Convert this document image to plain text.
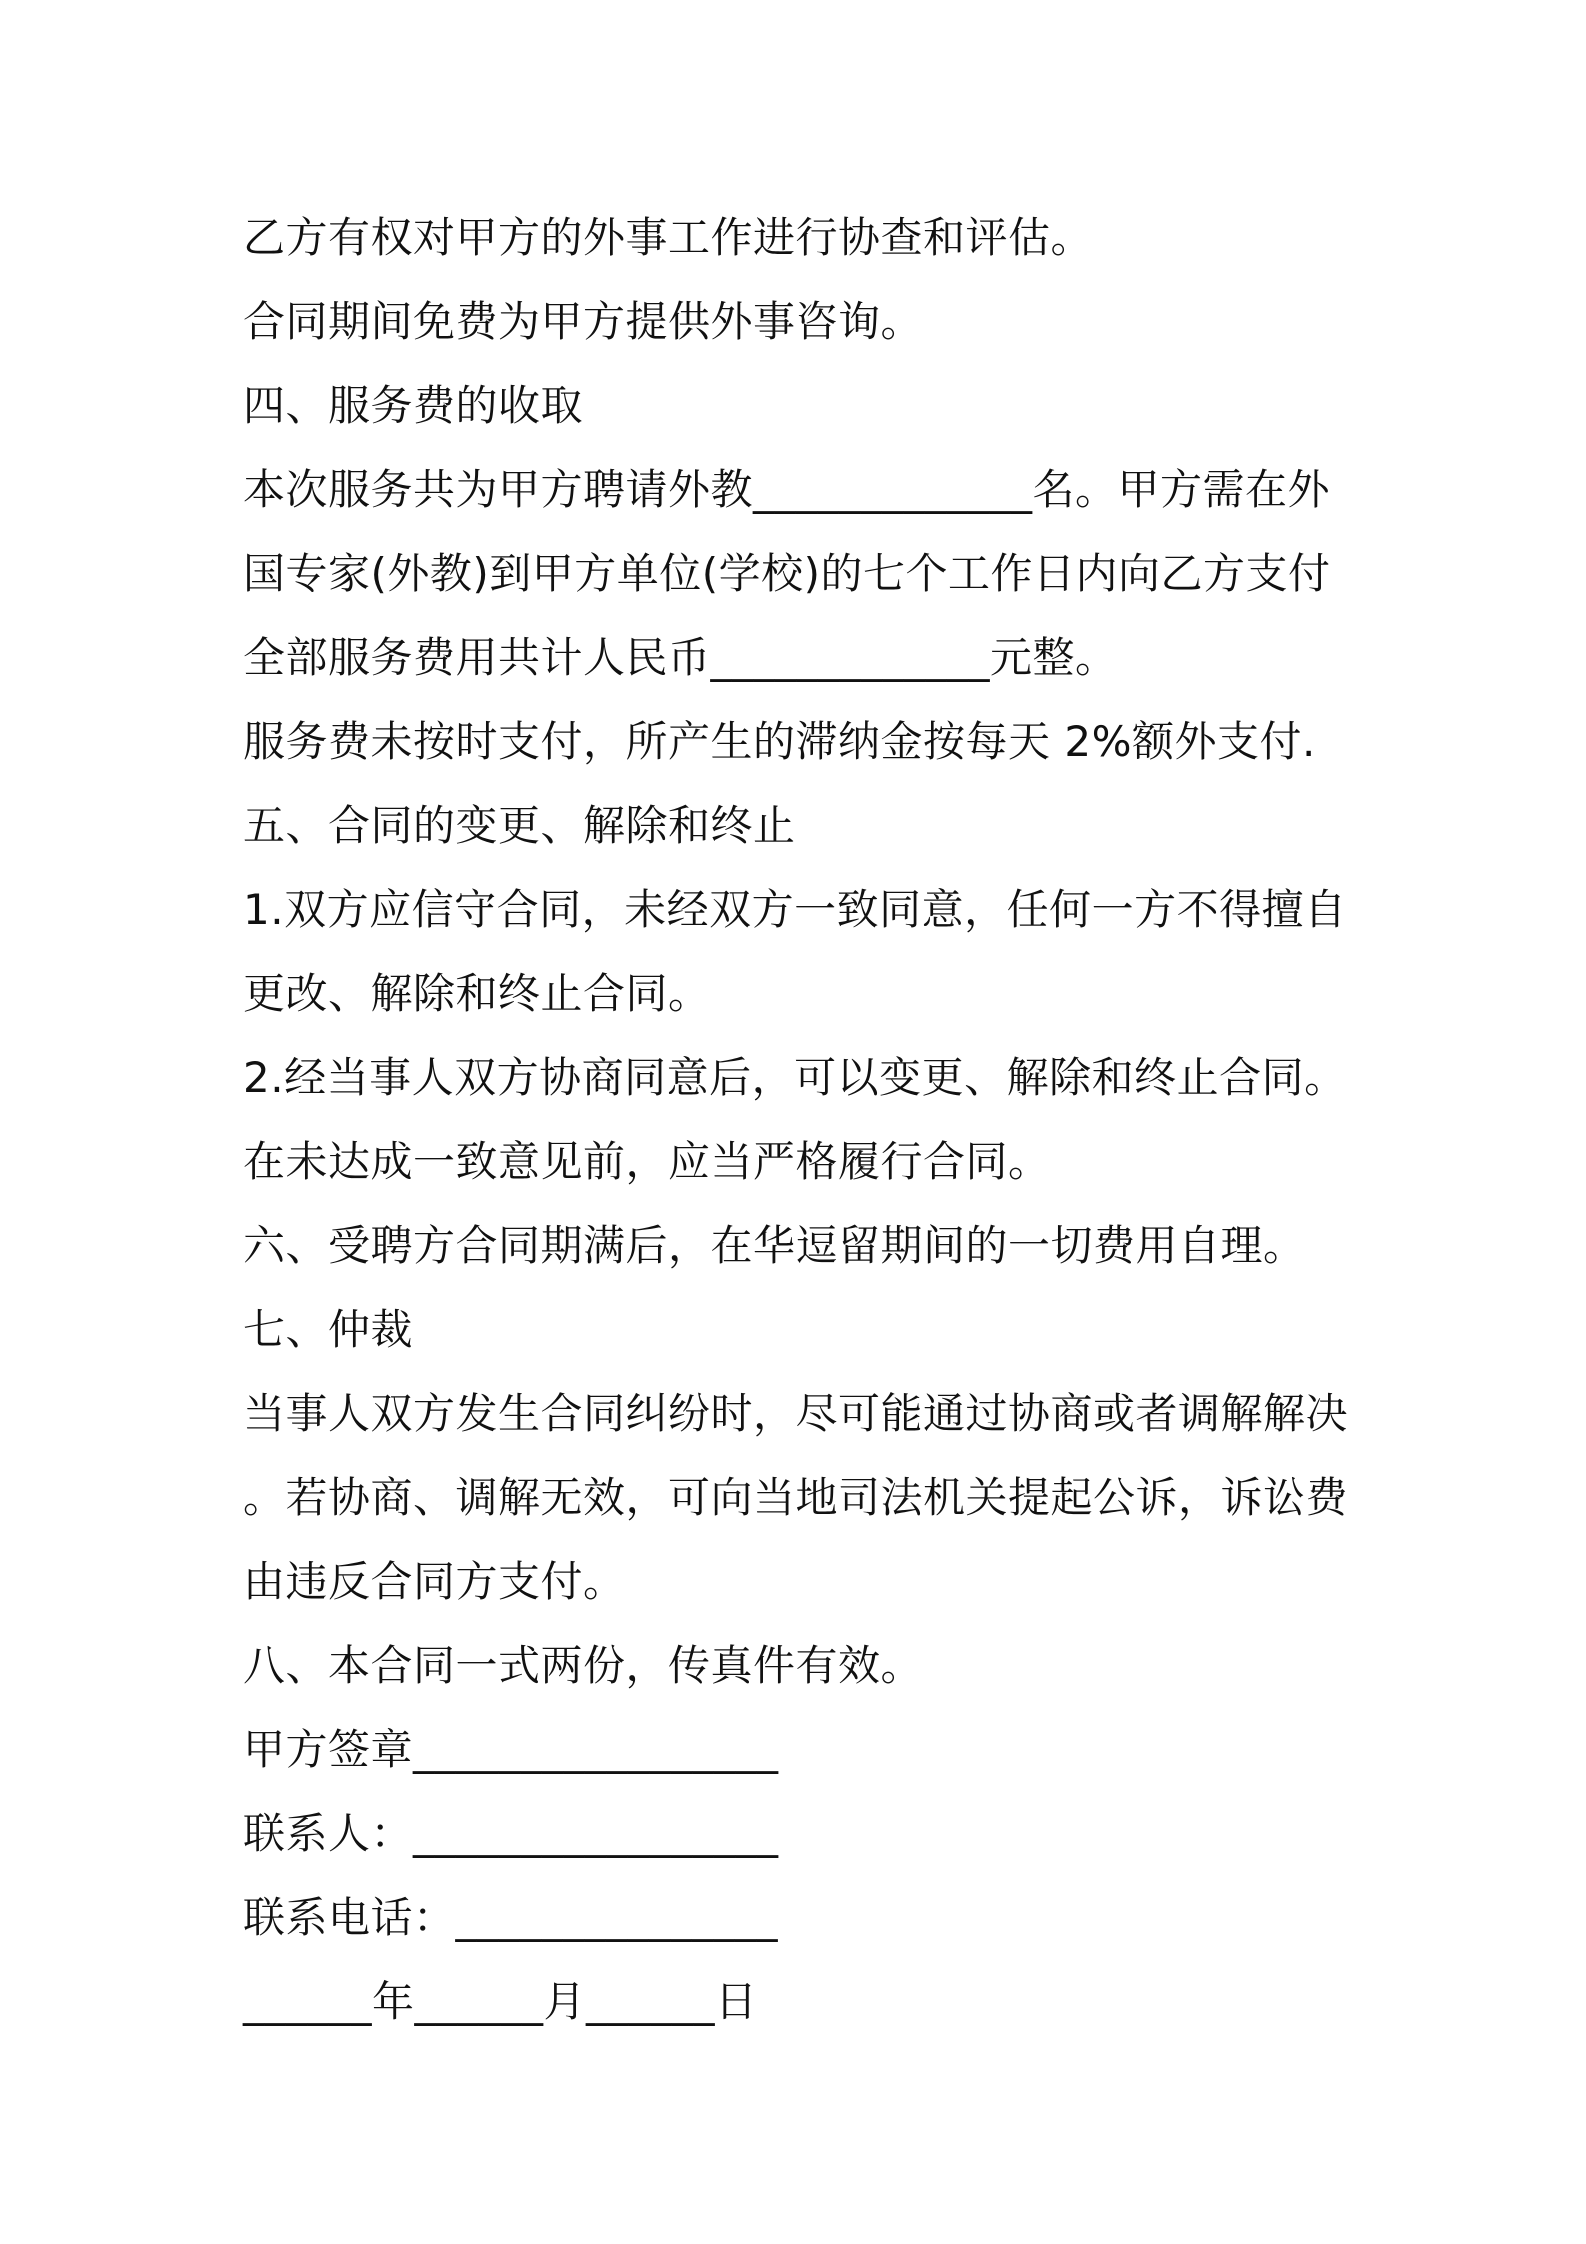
乙方有权对甲方的外事工作进行协查和评估。
合同期间免费为甲方提供外事咨询。
四、服务费的收取
本次服务共为甲方聘请外教_____________名。甲方需在外
国专家(外教)到甲方单位(学校)的七个工作日内向乙方支付
全部服务费用共计人民币_____________元整。
服务费未按时支付，所产生的滞纳金按每天 2%额外支付.
五、合同的变更、解除和终止
1.双方应信守合同，未经双方一致同意，任何一方不得擅自
更改、解除和终止合同。
2.经当事人双方协商同意后，可以变更、解除和终止合同。
在未达成一致意见前，应当严格履行合同。
六、受聘方合同期满后，在华逗留期间的一切费用自理。
七、仲裁
当事人双方发生合同纠纷时，尽可能通过协商或者调解解决
。若协商、调解无效，可向当地司法机关提起公诉，诉讼费
由违反合同方支付。
八、本合同一式两份，传真件有效。
甲方签章_________________
联系人：_________________
联系电话：_______________
______年______月______日
